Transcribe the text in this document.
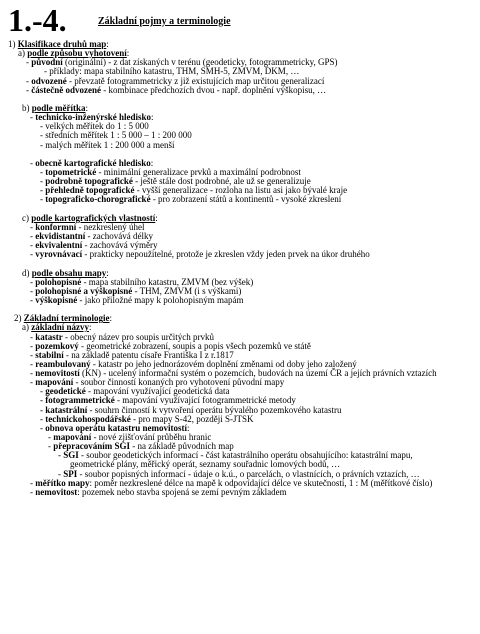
1.-4.	Základní pojmy a terminologie
1) Klasifikace druhů map:
a) podle způsobu vyhotovení:
- původní (originální) - z dat získaných v terénu (geodeticky, fotogrammetricky, GPS)
- příklady: mapa stabilního katastru, THM, SMH-5, ZMVM, DKM, …
- odvozené - převzatě fotogrammetricky z již existujících map určitou generalizací
- částečně odvozené - kombinace předchozích dvou - např. doplnění výškopisu, …
b) podle měřítka:
- technicko-inženýrské hledisko:
- velkých měřítek do 1 : 5 000
- středních měřítek 1 : 5 000 – 1 : 200 000
- malých měřítek 1 : 200 000 a menší
- obecně kartografické hledisko:
- topometrické - minimální generalizace prvků a maximální podrobnost
- podrobně topografické - ještě stále dost podrobné, ale už se generalizuje
- přehledně topografické - vyšší generalizace - rozloha na listu asi jako bývalé kraje
- topograficko-chorografické - pro zobrazení států a kontinentů - vysoké zkreslení
c) podle kartografických vlastností:
- konformní - nezkreslený úhel
- ekvidistantní - zachovává délky
- ekvivalentní - zachovává výměry
- vyrovnávací - prakticky nepoužitelné, protože je zkreslen vždy jeden prvek na úkor druhého
d) podle obsahu mapy:
- polohopisné - mapa stabilního katastru, ZMVM (bez výšek)
- polohopisné a výškopisné - THM, ZMVM (i s výškami)
- výškopisné - jako přiložné mapy k polohopisným mapám
2) Základní terminologie:
a) základní názvy:
- katastr - obecný název pro soupis určitých prvků
- pozemkový - geometrické zobrazení, soupis a popis všech pozemků ve státě
- stabilní - na základě patentu císaře Františka I z r.1817
- reambulovaný - katastr po jeho jednorázovém doplnění změnami od doby jeho založený
- nemovitostí (KN) - ucelený informační systém o pozemcích, budovách na území ČR a jejích právních vztazích
- mapování - soubor činností konaných pro vyhotovení původní mapy
- geodetické - mapování využívající geodetická data
- fotogrammetrické - mapování využívající fotogrammetrické metody
- katastrální - souhrn činností k vytvoření operátu bývalého pozemkového katastru
- technickohospodářské - pro mapy S-42, později S-JTSK
- obnova operátu katastru nemovitostí:
- mapování - nové zjišťování průběhu hranic
- přepracováním SGI - na základě původních map
- SGI - soubor geodetických informací - část katastrálního operátu obsahujícího: katastrální mapu,
geometrické plány, měřický operát, seznamy souřadnic lomových bodů, …
- SPI - soubor popisných informací - údaje o k.ú., o parcelách, o vlastnících, o právních vztazích, …
- měřítko mapy: poměr nezkreslené délce na mapě k odpovídající délce ve skutečnosti, 1 : M (měřítkové číslo)
- nemovitost: pozemek nebo stavba spojená se zemí pevným základem
